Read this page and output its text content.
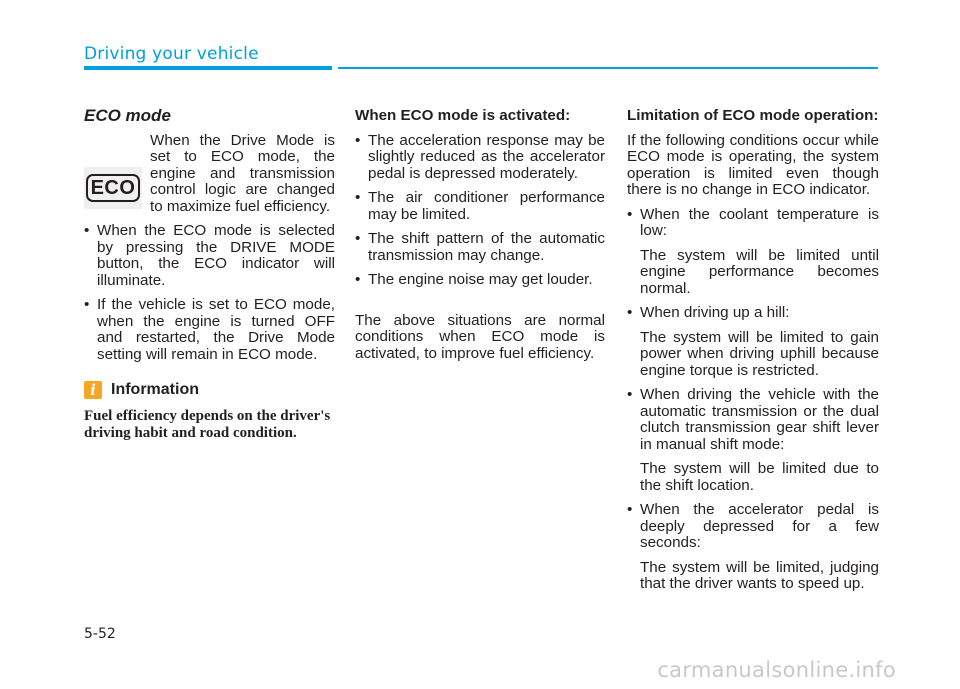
Driving your vehicle
ECO mode
ECO
When the Drive Mode is set to ECO mode, the engine and transmission control logic are changed to maximize fuel efficiency.
• When the ECO mode is selected by pressing the DRIVE MODE button, the ECO indicator will illuminate.
• If the vehicle is set to ECO mode, when the engine is turned OFF and restarted, the Drive Mode setting will remain in ECO mode.
i Information
Fuel efficiency depends on the driver's driving habit and road condition.
When ECO mode is activated:
• The acceleration response may be slightly reduced as the accelerator pedal is depressed moderately.
• The air conditioner performance may be limited.
• The shift pattern of the automatic transmission may change.
• The engine noise may get louder.
The above situations are normal conditions when ECO mode is activated, to improve fuel efficiency.
Limitation of ECO mode operation:
If the following conditions occur while ECO mode is operating, the system operation is limited even though there is no change in ECO indicator.
• When the coolant temperature is low:
The system will be limited until engine performance becomes normal.
• When driving up a hill:
The system will be limited to gain power when driving uphill because engine torque is restricted.
• When driving the vehicle with the automatic transmission or the dual clutch transmission gear shift lever in manual shift mode:
The system will be limited due to the shift location.
• When the accelerator pedal is deeply depressed for a few seconds:
The system will be limited, judging that the driver wants to speed up.
5-52
carmanualsonline.info
